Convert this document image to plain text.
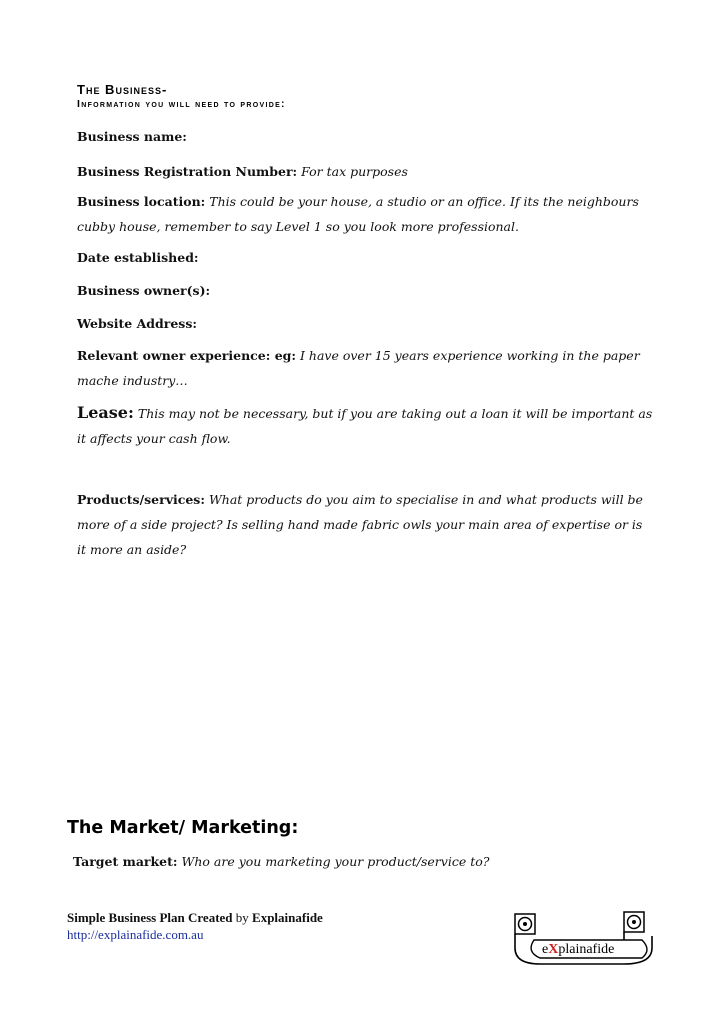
The Business-
Information you will need to provide:
Business name:
Business Registration Number: For tax purposes
Business location: This could be your house, a studio or an office. If its the neighbours cubby house, remember to say Level 1 so you look more professional.
Date established:
Business owner(s):
Website Address:
Relevant owner experience: eg: I have over 15 years experience working in the paper mache industry…
Lease: This may not be necessary, but if you are taking out a loan it will be important as it affects your cash flow.
Products/services: What products do you aim to specialise in and what products will be more of a side project? Is selling hand made fabric owls your main area of expertise or is it more an aside?
The Market/ Marketing:
Target market: Who are you marketing your product/service to?
Simple Business Plan Created by Explainafide
http://explainafide.com.au
eXplainafide
